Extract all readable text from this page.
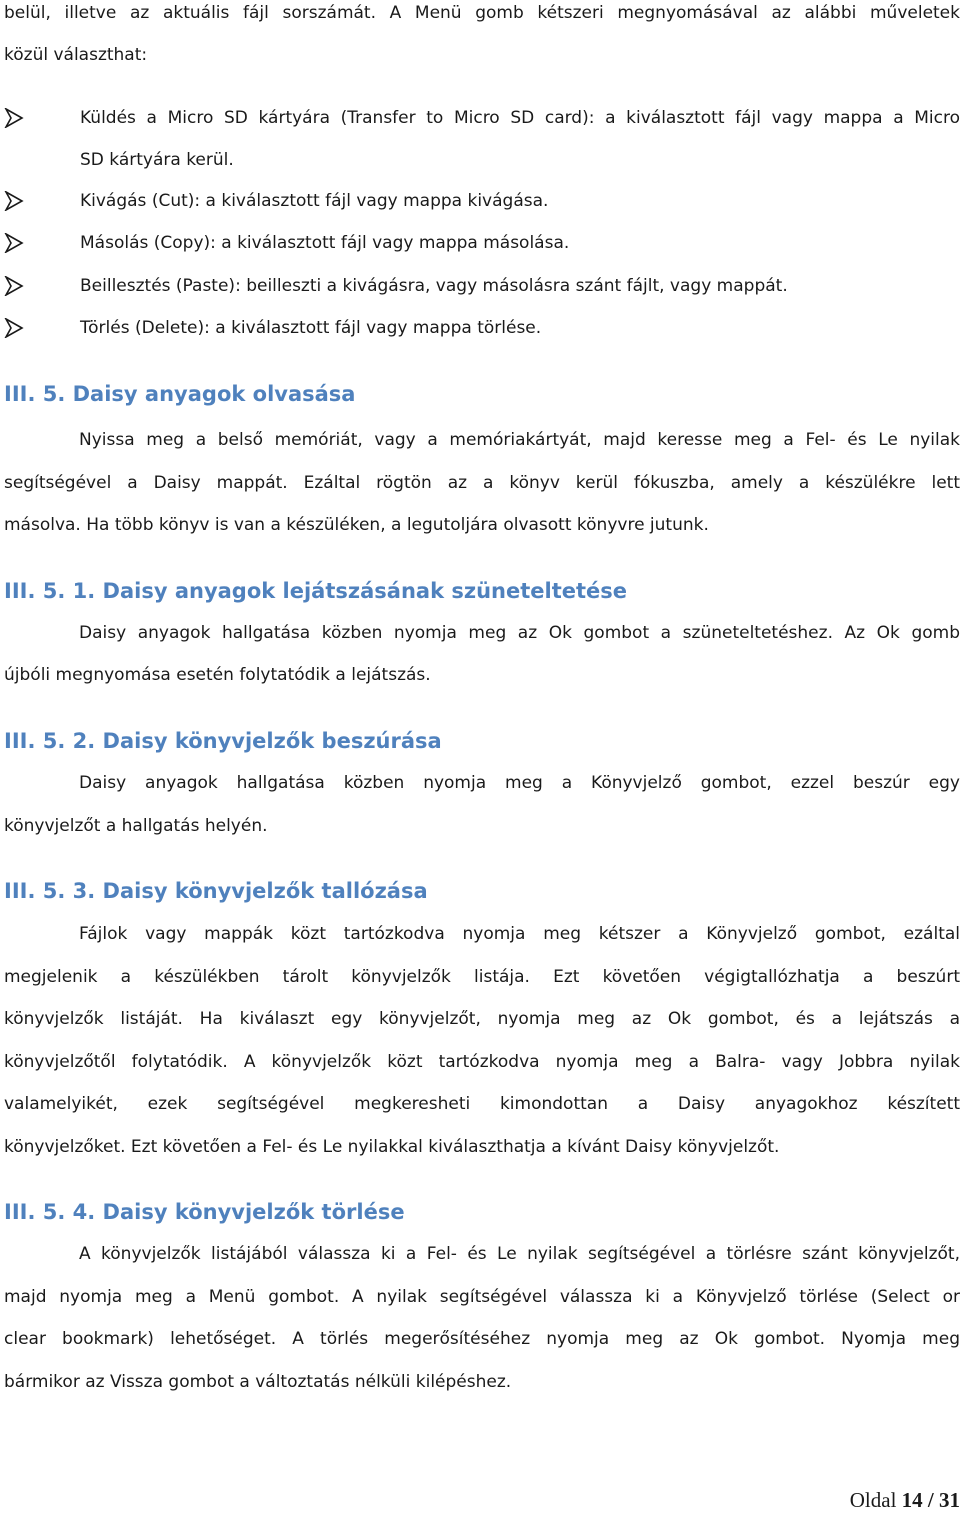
belül, illetve az aktuális fájl sorszámát. A Menü gomb kétszeri megnyomásával az alábbi műveletek

közül választhat:

Küldés a Micro SD kártyára (Transfer to Micro SD card): a kiválasztott fájl vagy mappa a Micro

SD kártyára kerül.

Kivágás (Cut): a kiválasztott fájl vagy mappa kivágása.

Másolás (Copy): a kiválasztott fájl vagy mappa másolása.

Beillesztés (Paste): beilleszti a kivágásra, vagy másolásra szánt fájlt, vagy mappát.

Törlés (Delete): a kiválasztott fájl vagy mappa törlése.

III. 5. Daisy anyagok olvasása

Nyissa meg a belső memóriát, vagy a memóriakártyát, majd keresse meg a Fel- és Le nyilak

segítségével a Daisy mappát. Ezáltal rögtön az a könyv kerül fókuszba, amely a készülékre lett

másolva. Ha több könyv is van a készüléken, a legutoljára olvasott könyvre jutunk.

III. 5. 1. Daisy anyagok lejátszásának szüneteltetése

Daisy anyagok hallgatása közben nyomja meg az Ok gombot a szüneteltetéshez. Az Ok gomb

újbóli megnyomása esetén folytatódik a lejátszás.

III. 5. 2. Daisy könyvjelzők beszúrása

Daisy anyagok hallgatása közben nyomja meg a Könyvjelző gombot, ezzel beszúr egy

könyvjelzőt a hallgatás helyén.

III. 5. 3. Daisy könyvjelzők tallózása

Fájlok vagy mappák közt tartózkodva nyomja meg kétszer a Könyvjelző gombot, ezáltal

megjelenik a készülékben tárolt könyvjelzők listája. Ezt követően végigtallózhatja a beszúrt

könyvjelzők listáját. Ha kiválaszt egy könyvjelzőt, nyomja meg az Ok gombot, és a lejátszás a

könyvjelzőtől folytatódik. A könyvjelzők közt tartózkodva nyomja meg a Balra- vagy Jobbra nyilak

valamelyikét, ezek segítségével megkeresheti kimondottan a Daisy anyagokhoz készített

könyvjelzőket. Ezt követően a Fel- és Le nyilakkal kiválaszthatja a kívánt Daisy könyvjelzőt.

III. 5. 4. Daisy könyvjelzők törlése

A könyvjelzők listájából válassza ki a Fel- és Le nyilak segítségével a törlésre szánt könyvjelzőt,

majd nyomja meg a Menü gombot. A nyilak segítségével válassza ki a Könyvjelző törlése (Select or

clear bookmark) lehetőséget. A törlés megerősítéséhez nyomja meg az Ok gombot. Nyomja meg

bármikor az Vissza gombot a változtatás nélküli kilépéshez.

Oldal 14 / 31
